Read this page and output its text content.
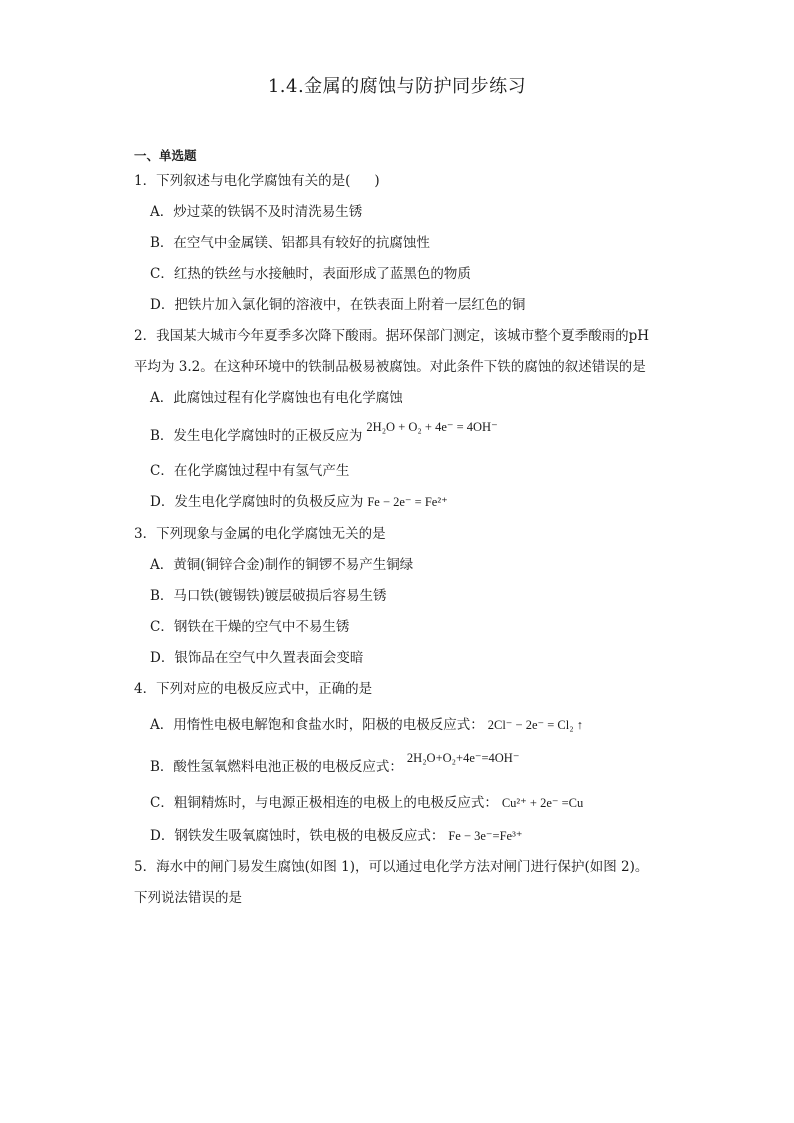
1.4.金属的腐蚀与防护同步练习
一、单选题
1．下列叙述与电化学腐蚀有关的是( )
A．炒过菜的铁锅不及时清洗易生锈
B．在空气中金属镁、铝都具有较好的抗腐蚀性
C．红热的铁丝与水接触时，表面形成了蓝黑色的物质
D．把铁片加入氯化铜的溶液中，在铁表面上附着一层红色的铜
2．我国某大城市今年夏季多次降下酸雨。据环保部门测定，该城市整个夏季酸雨的pH
平均为 3.2。在这种环境中的铁制品极易被腐蚀。对此条件下铁的腐蚀的叙述错误的是
A．此腐蚀过程有化学腐蚀也有电化学腐蚀
B．发生电化学腐蚀时的正极反应为2H₂O + O₂ + 4e⁻ = 4OH⁻
C．在化学腐蚀过程中有氢气产生
D．发生电化学腐蚀时的负极反应为 Fe − 2e⁻ = Fe²⁺
3．下列现象与金属的电化学腐蚀无关的是
A．黄铜(铜锌合金)制作的铜锣不易产生铜绿
B．马口铁(镀锡铁)镀层破损后容易生锈
C．钢铁在干燥的空气中不易生锈
D．银饰品在空气中久置表面会变暗
4．下列对应的电极反应式中，正确的是
A．用惰性电极电解饱和食盐水时，阳极的电极反应式： 2Cl⁻ − 2e⁻ = Cl₂ ↑
B．酸性氢氧燃料电池正极的电极反应式：2H₂O+O₂+4e⁻=4OH⁻
C．粗铜精炼时，与电源正极相连的电极上的电极反应式： Cu²⁺ + 2e⁻ =Cu
D．钢铁发生吸氧腐蚀时，铁电极的电极反应式： Fe − 3e⁻=Fe³⁺
5．海水中的闸门易发生腐蚀(如图 1)，可以通过电化学方法对闸门进行保护(如图 2)。
下列说法错误的是
